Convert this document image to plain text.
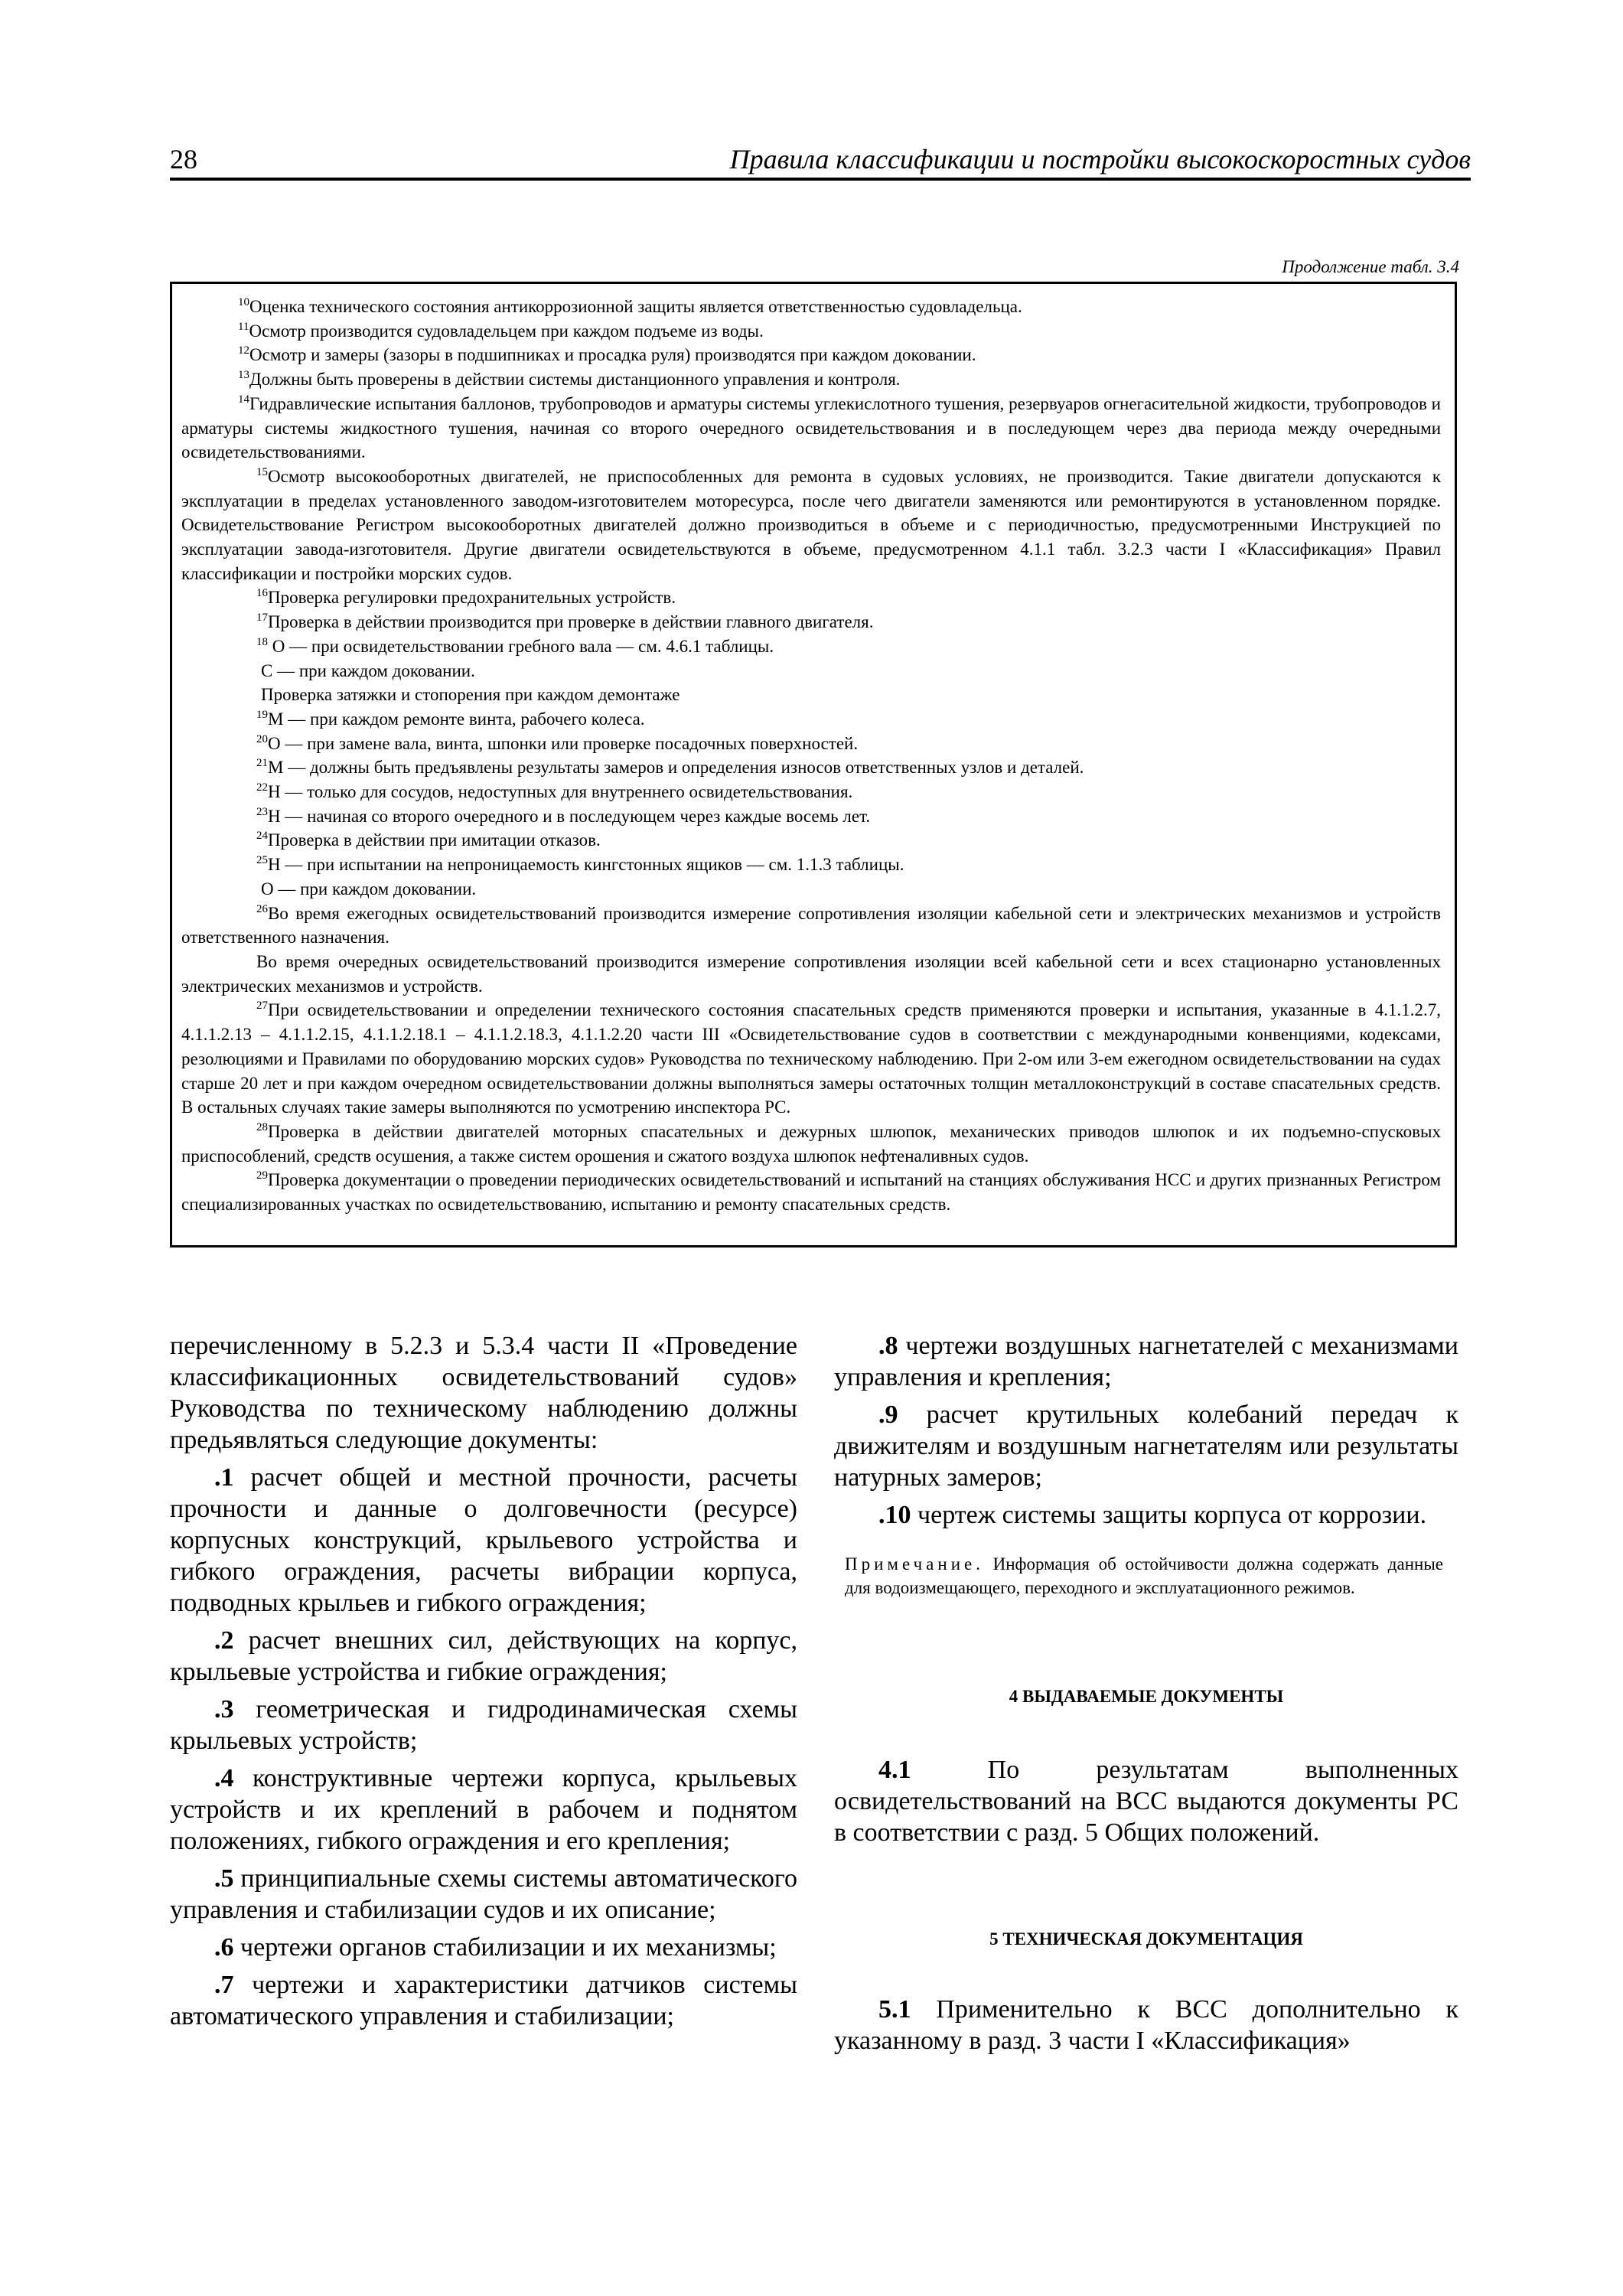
28	Правила классификации и постройки высокоскоростных судов
Продолжение табл. 3.4

$^{10}$Оценка технического состояния антикоррозионной защиты является ответственностью судовладельца.

$^{11}$Осмотр производится судовладельцем при каждом подъеме из воды.

$^{12}$Осмотр и замеры (зазоры в подшипниках и просадка руля) производятся при каждом доковании.

$^{13}$Должны быть проверены в действии системы дистанционного управления и контроля.

$^{14}$Гидравлические испытания баллонов, трубопроводов и арматуры системы углекислотного тушения, резервуаров огнегасительной жидкости, трубопроводов и арматуры системы жидкостного тушения, начиная со второго очередного освидетельствования и в последующем через два периода между очередными освидетельствованиями.

$^{15}$Осмотр высокооборотных двигателей, не приспособленных для ремонта в судовых условиях, не производится. Такие двигатели допускаются к эксплуатации в пределах установленного заводом-изготовителем моторесурса, после чего двигатели заменяются или ремонтируются в установленном порядке. Освидетельствование Регистром высокооборотных двигателей должно производиться в объеме и с периодичностью, предусмотренными Инструкцией по эксплуатации завода-изготовителя. Другие двигатели освидетельствуются в объеме, предусмотренном 4.1.1 табл. 3.2.3 части I «Классификация» Правил классификации и постройки морских судов.

$^{16}$Проверка регулировки предохранительных устройств.

$^{17}$Проверка в действии производится при проверке в действии главного двигателя.

$^{18}$ О — при освидетельствовании гребного вала — см. 4.6.1 таблицы.

С — при каждом доковании.

Проверка затяжки и стопорения при каждом демонтаже

$^{19}$М — при каждом ремонте винта, рабочего колеса.

$^{20}$О — при замене вала, винта, шпонки или проверке посадочных поверхностей.

$^{21}$М — должны быть предъявлены результаты замеров и определения износов ответственных узлов и деталей.

$^{22}$Н — только для сосудов, недоступных для внутреннего освидетельствования.

$^{23}$Н — начиная со второго очередного и в последующем через каждые восемь лет.

$^{24}$Проверка в действии при имитации отказов.

$^{25}$Н — при испытании на непроницаемость кингстонных ящиков — см. 1.1.3 таблицы.

О — при каждом доковании.

$^{26}$Во время ежегодных освидетельствований производится измерение сопротивления изоляции кабельной сети и электрических механизмов и устройств ответственного назначения.

Во время очередных освидетельствований производится измерение сопротивления изоляции всей кабельной сети и всех стационарно установленных электрических механизмов и устройств.

$^{27}$При освидетельствовании и определении технического состояния спасательных средств применяются проверки и испытания, указанные в 4.1.1.2.7, 4.1.1.2.13 – 4.1.1.2.15, 4.1.1.2.18.1 – 4.1.1.2.18.3, 4.1.1.2.20 части III «Освидетельствование судов в соответствии с международными конвенциями, кодексами, резолюциями и Правилами по оборудованию морских судов» Руководства по техническому наблюдению. При 2-ом или 3-ем ежегодном освидетельствовании на судах старше 20 лет и при каждом очередном освидетельствовании должны выполняться замеры остаточных толщин металлоконструкций в составе спасательных средств. В остальных случаях такие замеры выполняются по усмотрению инспектора РС.

$^{28}$Проверка в действии двигателей моторных спасательных и дежурных шлюпок, механических приводов шлюпок и их подъемно-спусковых приспособлений, средств осушения, а также систем орошения и сжатого воздуха шлюпок нефтеналивных судов.

$^{29}$Проверка документации о проведении периодических освидетельствований и испытаний на станциях обслуживания НСС и других признанных Регистром специализированных участках по освидетельствованию, испытанию и ремонту спасательных средств.

перечисленному в 5.2.3 и 5.3.4 части II «Проведение классификационных освидетельствований судов» Руководства по техническому наблюдению должны предьявляться следующие документы:

.1 расчет общей и местной прочности, расчеты прочности и данные о долговечности (ресурсе) корпусных конструкций, крыльевого устройства и гибкого ограждения, расчеты вибрации корпуса, подводных крыльев и гибкого ограждения;

.2 расчет внешних сил, действующих на корпус, крыльевые устройства и гибкие ограждения;

.3 геометрическая и гидродинамическая схемы крыльевых устройств;

.4 конструктивные чертежи корпуса, крыльевых устройств и их креплений в рабочем и поднятом положениях, гибкого ограждения и его крепления;

.5 принципиальные схемы системы автоматического управления и стабилизации судов и их описание;

.6 чертежи органов стабилизации и их механизмы;

.7 чертежи и характеристики датчиков системы автоматического управления и стабилизации;

.8 чертежи воздушных нагнетателей с механизмами управления и крепления;

.9 расчет крутильных колебаний передач к движителям и воздушным нагнетателям или результаты натурных замеров;

.10 чертеж системы защиты корпуса от коррозии.

Примечание. Информация об остойчивости должна содержать данные для водоизмещающего, переходного и эксплуатационного режимов.

4 ВЫДАВАЕМЫЕ ДОКУМЕНТЫ

4.1 По результатам выполненных освидетельствований на ВСС выдаются документы РС в соответствии с разд. 5 Общих положений.

5 ТЕХНИЧЕСКАЯ ДОКУМЕНТАЦИЯ

5.1 Применительно к ВСС дополнительно к указанному в разд. 3 части I «Классификация»
